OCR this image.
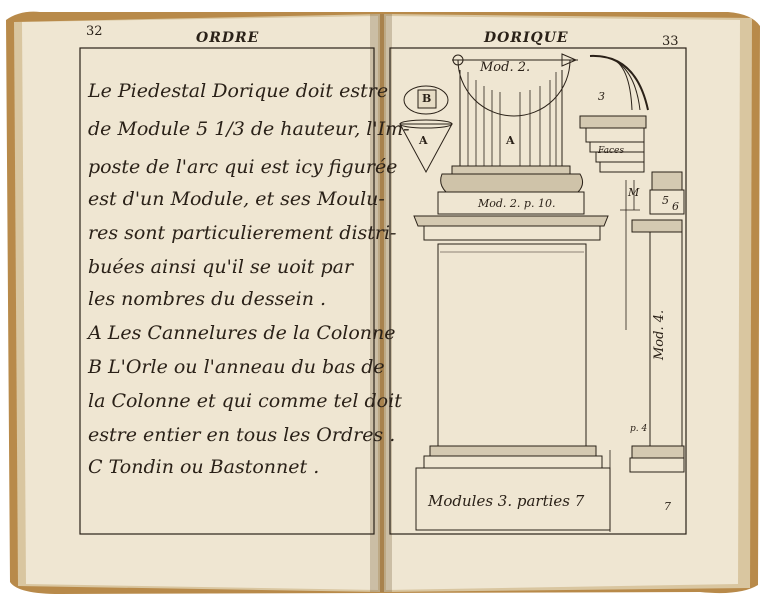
32	ORDRE
Le Piedestal Dorique doit estre
de Module 5 1/3 de hauteur, l'Im-
poste de l'arc qui est icy figurée
est d'un Module, et ses Moulu-
res sont particulierement distri-
buées ainsi qu'il se uoit par
les nombres du dessein .
A Les Cannelures de la Colonne
B L'Orle ou l'anneau du bas de
la Colonne et qui comme tel doit
estre entier en tous les Ordres .
C Tondin ou Bastonnet .
DORIQUE	33
Mod. 2.
B
A	A
Mod. 2. p. 10.
Modules 3. parties 7
Mod. 4.
Faces
M
5 6
3
p. 4
7
